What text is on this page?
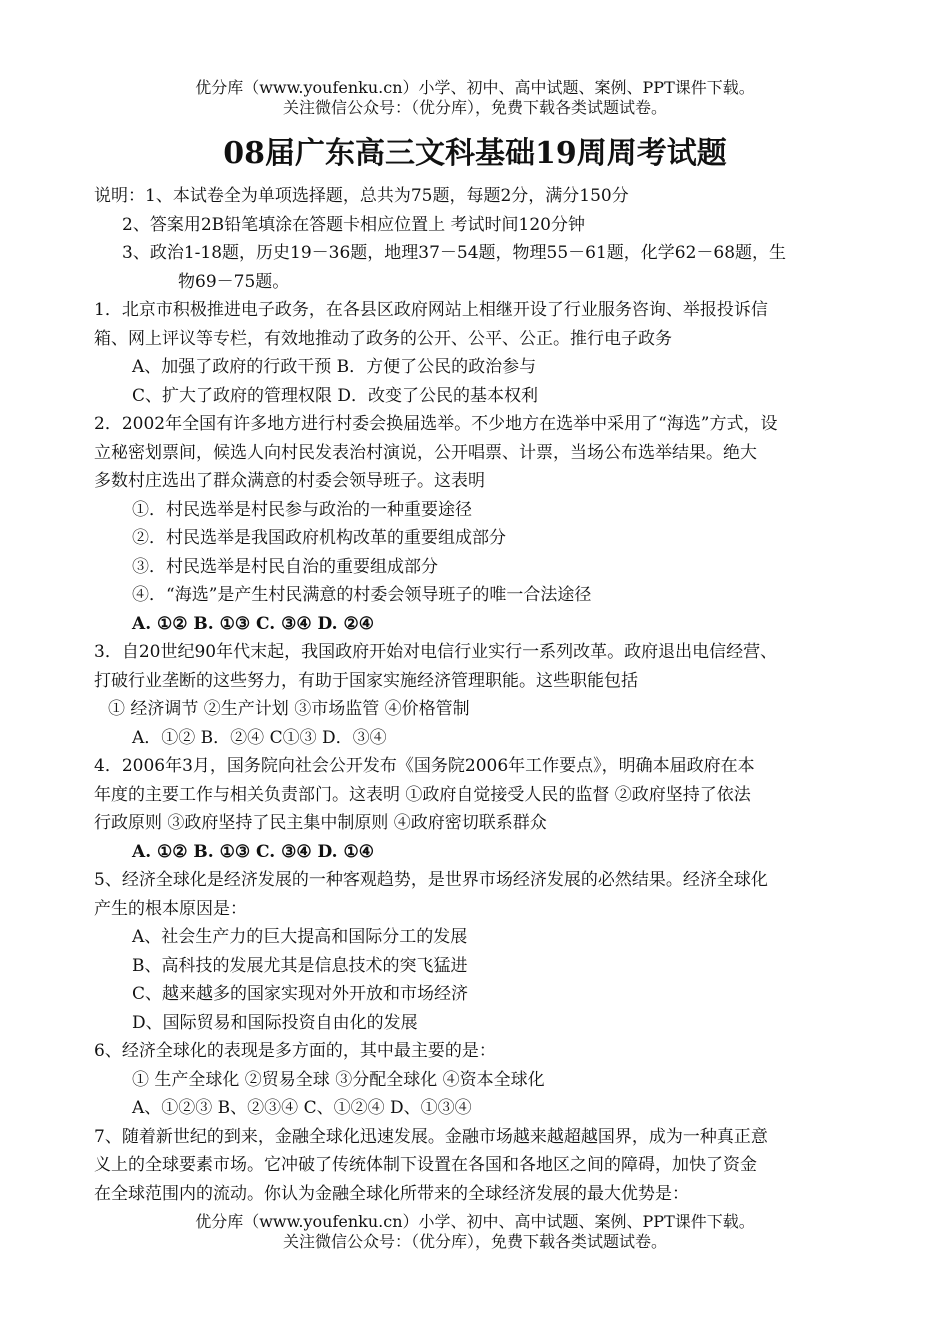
优分库（www.youfenku.cn）小学、初中、高中试题、案例、PPT课件下载。
关注微信公众号：（优分库），免费下载各类试题试卷。
08届广东高三文科基础19周周考试题

说明：1、本试卷全为单项选择题，总共为75题，每题2分，满分150分

2、答案用2B铅笔填涂在答题卡相应位置上 考试时间120分钟

3、政治1-18题，历史19－36题，地理37－54题，物理55－61题，化学62－68题，生

物69－75题。

1．北京市积极推进电子政务，在各县区政府网站上相继开设了行业服务咨询、举报投诉信

箱、网上评议等专栏，有效地推动了政务的公开、公平、公正。推行电子政务

A、加强了政府的行政干预 B．方便了公民的政治参与

C、扩大了政府的管理权限 D．改变了公民的基本权利

2．2002年全国有许多地方进行村委会换届选举。不少地方在选举中采用了“海选”方式，设

立秘密划票间，候选人向村民发表治村演说，公开唱票、计票，当场公布选举结果。绝大

多数村庄选出了群众满意的村委会领导班子。这表明

①．村民选举是村民参与政治的一种重要途径

②．村民选举是我国政府机构改革的重要组成部分

③．村民选举是村民自治的重要组成部分

④．“海选”是产生村民满意的村委会领导班子的唯一合法途径

A. ①② B. ①③ C. ③④ D. ②④

3．自20世纪90年代末起，我国政府开始对电信行业实行一系列改革。政府退出电信经营、

打破行业垄断的这些努力，有助于国家实施经济管理职能。这些职能包括

① 经济调节 ②生产计划 ③市场监管 ④价格管制

A．①② B．②④ C①③ D．③④

4．2006年3月，国务院向社会公开发布《国务院2006年工作要点》，明确本届政府在本

年度的主要工作与相关负责部门。这表明 ①政府自觉接受人民的监督 ②政府坚持了依法

行政原则 ③政府坚持了民主集中制原则 ④政府密切联系群众

A. ①② B. ①③ C. ③④ D. ①④

5、经济全球化是经济发展的一种客观趋势，是世界市场经济发展的必然结果。经济全球化

产生的根本原因是：

A、社会生产力的巨大提高和国际分工的发展

B、高科技的发展尤其是信息技术的突飞猛进

C、越来越多的国家实现对外开放和市场经济

D、国际贸易和国际投资自由化的发展

6、经济全球化的表现是多方面的，其中最主要的是：

① 生产全球化 ②贸易全球 ③分配全球化 ④资本全球化

A、①②③ B、②③④ C、①②④ D、①③④

7、随着新世纪的到来，金融全球化迅速发展。金融市场越来越超越国界，成为一种真正意

义上的全球要素市场。它冲破了传统体制下设置在各国和各地区之间的障碍，加快了资金

在全球范围内的流动。你认为金融全球化所带来的全球经济发展的最大优势是：

优分库（www.youfenku.cn）小学、初中、高中试题、案例、PPT课件下载。
关注微信公众号：（优分库），免费下载各类试题试卷。
